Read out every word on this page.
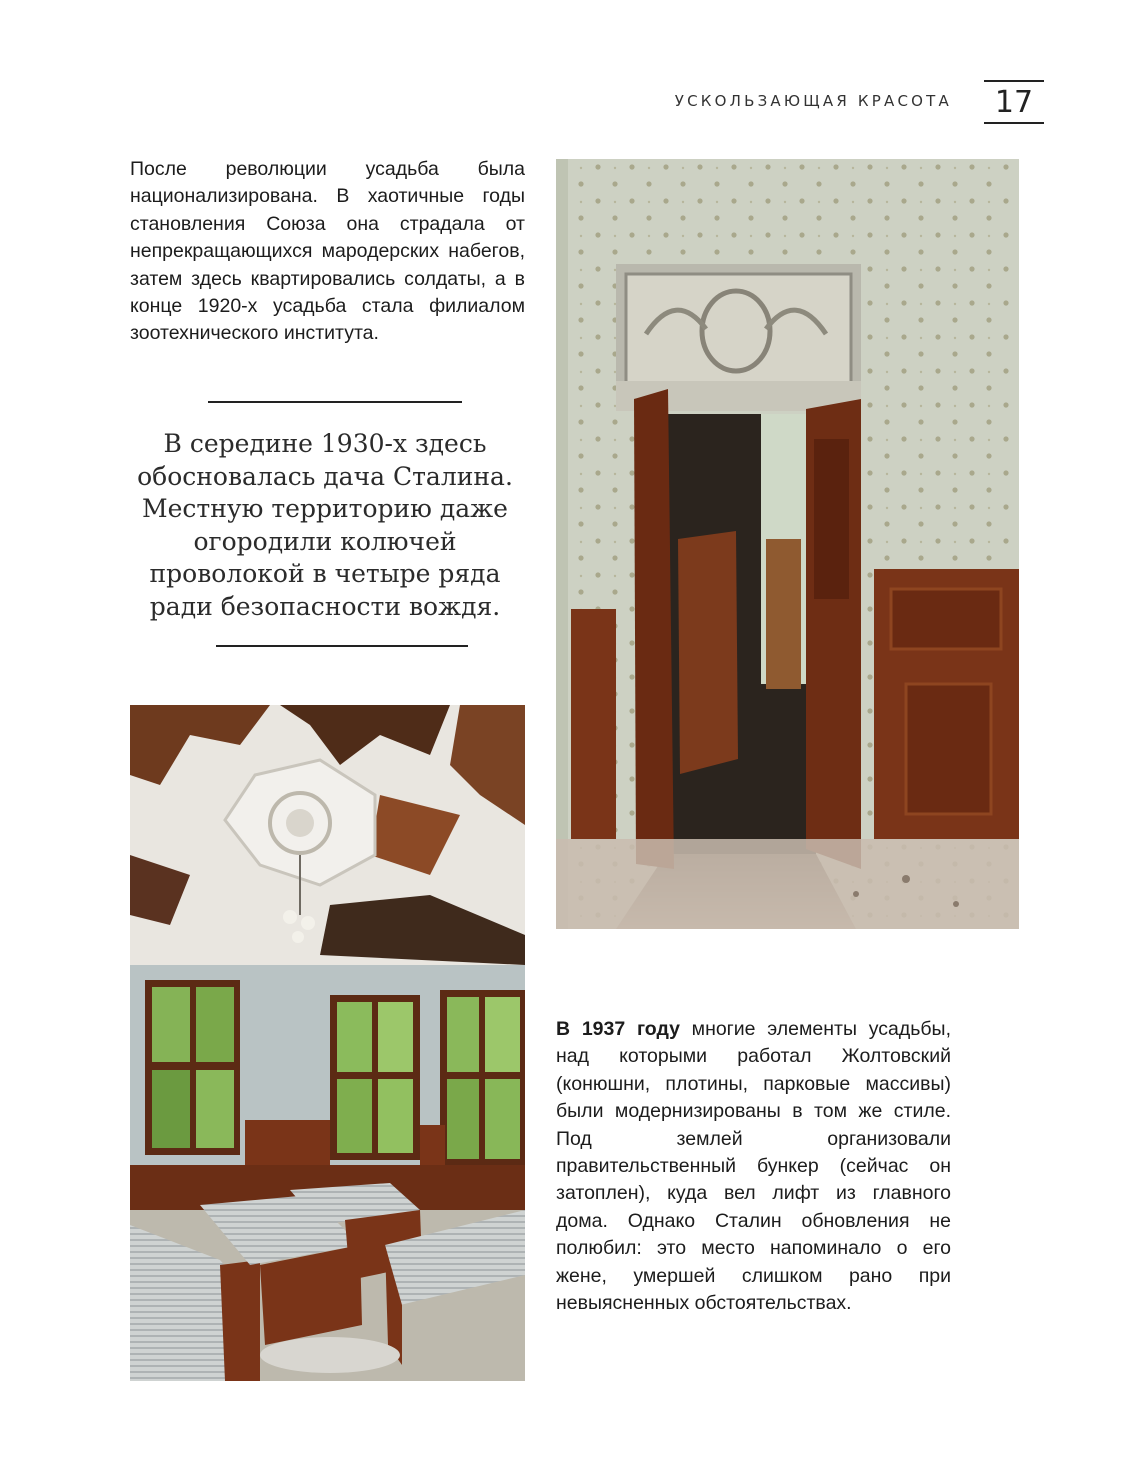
УСКОЛЬЗАЮЩАЯ КРАСОТА	17

После революции усадьба была национализирована. В хаотичные годы становления Союза она страдала от непрекращающихся мародерских набегов, затем здесь квартировались солдаты, а в конце 1920-х усадьба стала филиалом зоотехнического института.

В середине 1930-х здесь обосновалась дача Сталина. Местную территорию даже огородили колючей проволокой в четыре ряда ради безопасности вождя.

В 1937 году многие элементы усадьбы, над которыми работал Жолтовский (конюшни, плотины, парковые массивы) были модернизированы в том же стиле. Под землей организовали правительственный бункер (сейчас он затоплен), куда вел лифт из главного дома. Однако Сталин обновления не полюбил: это место напоминало о его жене, умершей слишком рано при невыясненных обстоятельствах.
